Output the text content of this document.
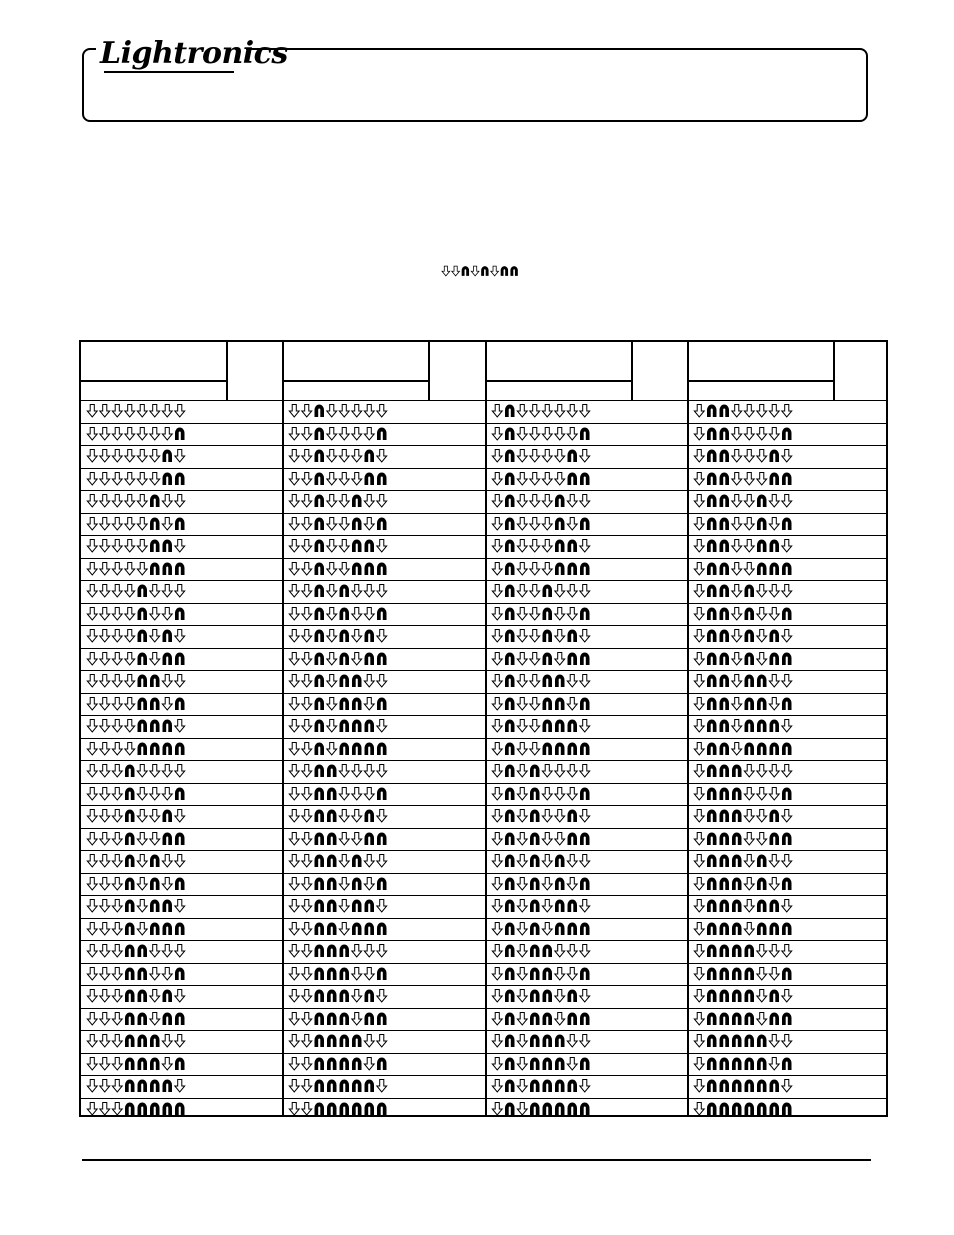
Lightronics
